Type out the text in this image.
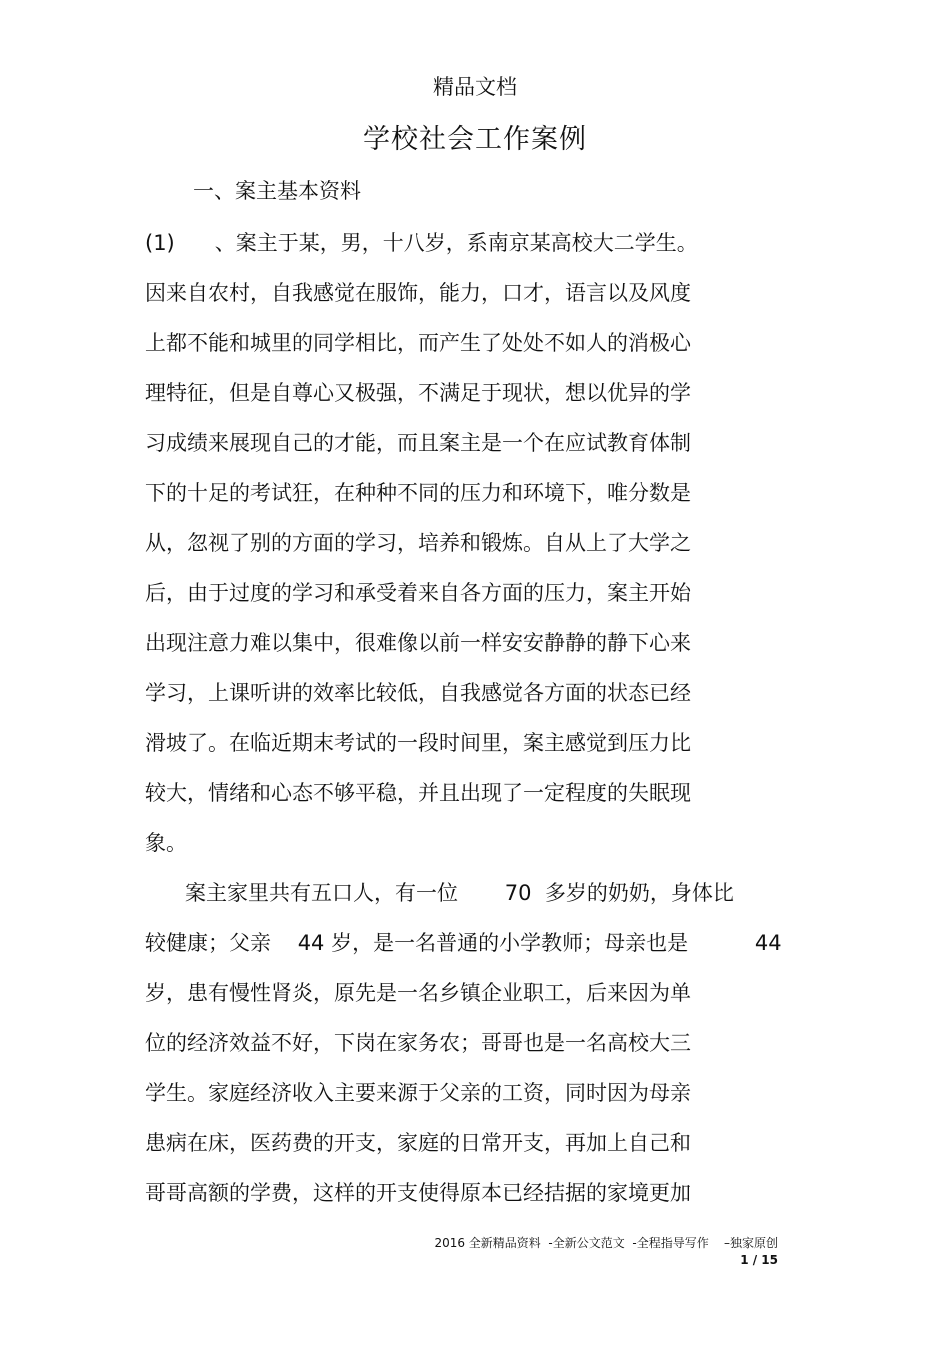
精品文档
学校社会工作案例
一、案主基本资料
(1)      、案主于某，男，十八岁，系南京某高校大二学生。
因来自农村，自我感觉在服饰，能力，口才，语言以及风度
上都不能和城里的同学相比，而产生了处处不如人的消极心
理特征，但是自尊心又极强，不满足于现状，想以优异的学
习成绩来展现自己的才能，而且案主是一个在应试教育体制
下的十足的考试狂，在种种不同的压力和环境下，唯分数是
从，忽视了别的方面的学习，培养和锻炼。自从上了大学之
后，由于过度的学习和承受着来自各方面的压力，案主开始
出现注意力难以集中，很难像以前一样安安静静的静下心来
学习，上课听讲的效率比较低，自我感觉各方面的状态已经
滑坡了。在临近期末考试的一段时间里，案主感觉到压力比
较大，情绪和心态不够平稳，并且出现了一定程度的失眠现
象。
案主家里共有五口人，有一位       70  多岁的奶奶，身体比
较健康；父亲    44 岁，是一名普通的小学教师；母亲也是          44
岁，患有慢性肾炎，原先是一名乡镇企业职工，后来因为单
位的经济效益不好，下岗在家务农；哥哥也是一名高校大三
学生。家庭经济收入主要来源于父亲的工资，同时因为母亲
患病在床，医药费的开支，家庭的日常开支，再加上自己和
哥哥高额的学费，这样的开支使得原本已经拮据的家境更加
2016 全新精品资料  -全新公文范文  -全程指导写作    –独家原创
1 / 15
